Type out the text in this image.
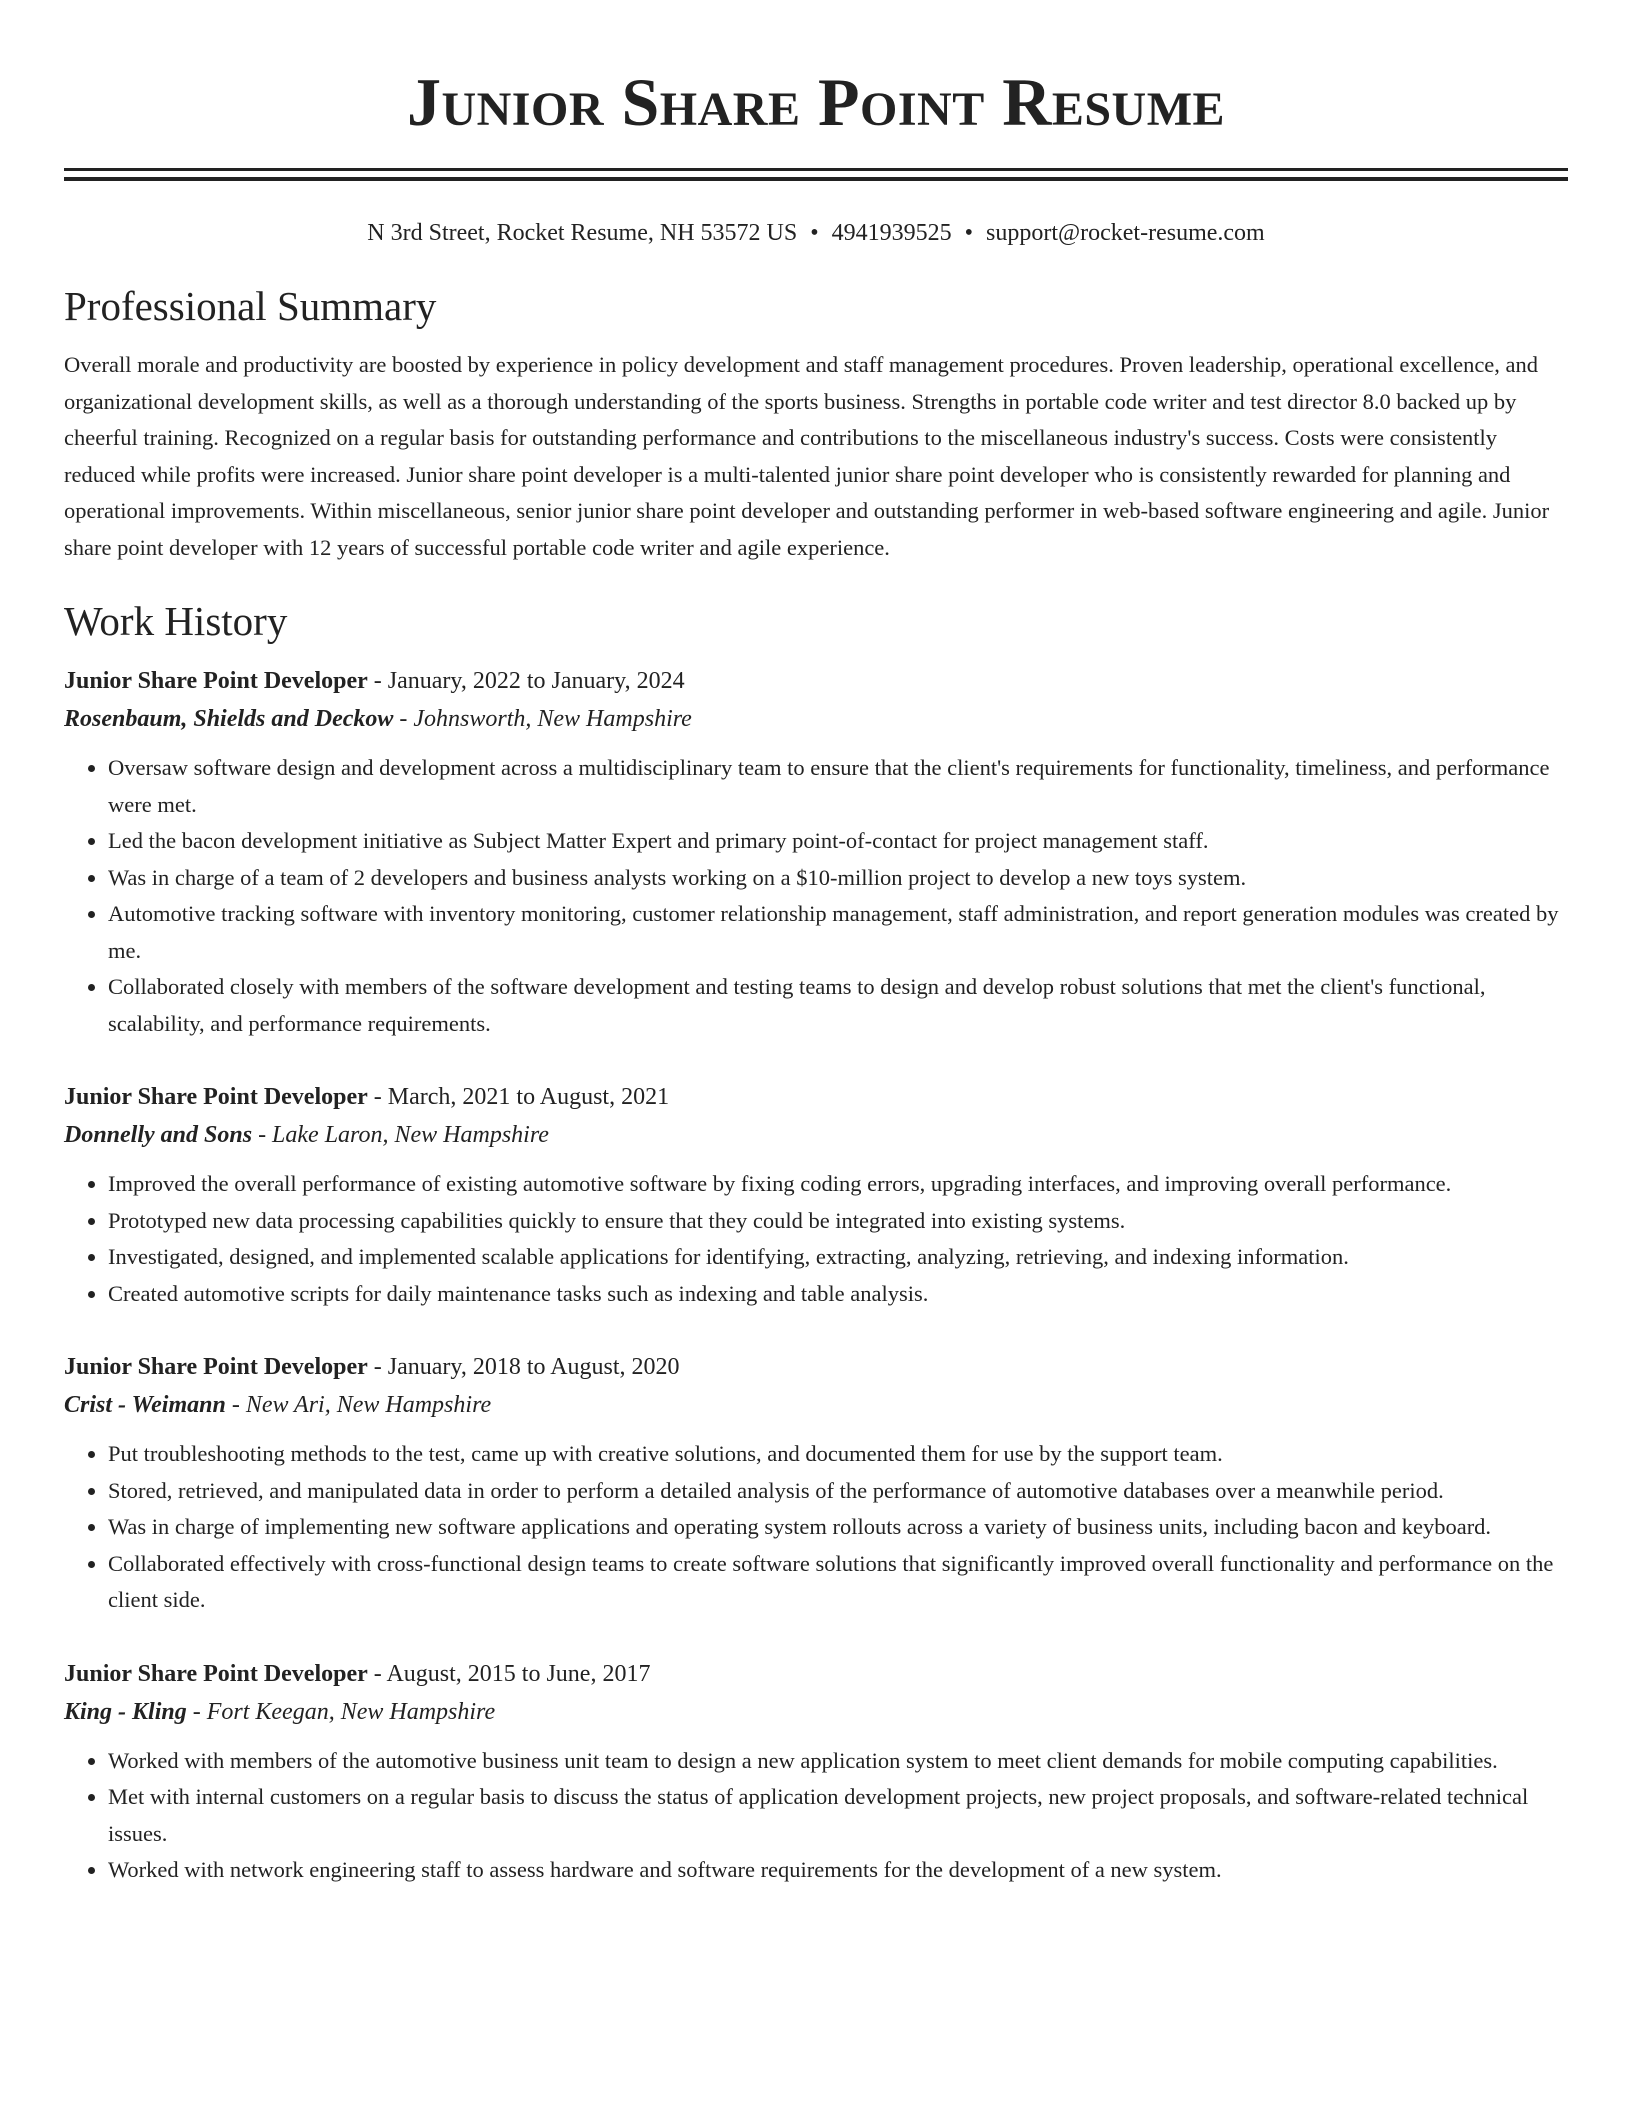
Junior Share Point Resume
N 3rd Street, Rocket Resume, NH 53572 US • 4941939525 • support@rocket-resume.com
Professional Summary

Overall morale and productivity are boosted by experience in policy development and staff management procedures. Proven leadership, operational excellence, and organizational development skills, as well as a thorough understanding of the sports business. Strengths in portable code writer and test director 8.0 backed up by cheerful training. Recognized on a regular basis for outstanding performance and contributions to the miscellaneous industry's success. Costs were consistently reduced while profits were increased. Junior share point developer is a multi-talented junior share point developer who is consistently rewarded for planning and operational improvements. Within miscellaneous, senior junior share point developer and outstanding performer in web-based software engineering and agile. Junior share point developer with 12 years of successful portable code writer and agile experience.

Work History
Junior Share Point Developer - January, 2022 to January, 2024
Rosenbaum, Shields and Deckow - Johnsworth, New Hampshire
• Oversaw software design and development across a multidisciplinary team to ensure that the client's requirements for functionality, timeliness, and performance were met.
• Led the bacon development initiative as Subject Matter Expert and primary point-of-contact for project management staff.
• Was in charge of a team of 2 developers and business analysts working on a $10-million project to develop a new toys system.
• Automotive tracking software with inventory monitoring, customer relationship management, staff administration, and report generation modules was created by me.
• Collaborated closely with members of the software development and testing teams to design and develop robust solutions that met the client's functional, scalability, and performance requirements.
Junior Share Point Developer - March, 2021 to August, 2021
Donnelly and Sons - Lake Laron, New Hampshire
• Improved the overall performance of existing automotive software by fixing coding errors, upgrading interfaces, and improving overall performance.
• Prototyped new data processing capabilities quickly to ensure that they could be integrated into existing systems.
• Investigated, designed, and implemented scalable applications for identifying, extracting, analyzing, retrieving, and indexing information.
• Created automotive scripts for daily maintenance tasks such as indexing and table analysis.
Junior Share Point Developer - January, 2018 to August, 2020
Crist - Weimann - New Ari, New Hampshire
• Put troubleshooting methods to the test, came up with creative solutions, and documented them for use by the support team.
• Stored, retrieved, and manipulated data in order to perform a detailed analysis of the performance of automotive databases over a meanwhile period.
• Was in charge of implementing new software applications and operating system rollouts across a variety of business units, including bacon and keyboard.
• Collaborated effectively with cross-functional design teams to create software solutions that significantly improved overall functionality and performance on the client side.
Junior Share Point Developer - August, 2015 to June, 2017
King - Kling - Fort Keegan, New Hampshire
• Worked with members of the automotive business unit team to design a new application system to meet client demands for mobile computing capabilities.
• Met with internal customers on a regular basis to discuss the status of application development projects, new project proposals, and software-related technical issues.
• Worked with network engineering staff to assess hardware and software requirements for the development of a new system.
